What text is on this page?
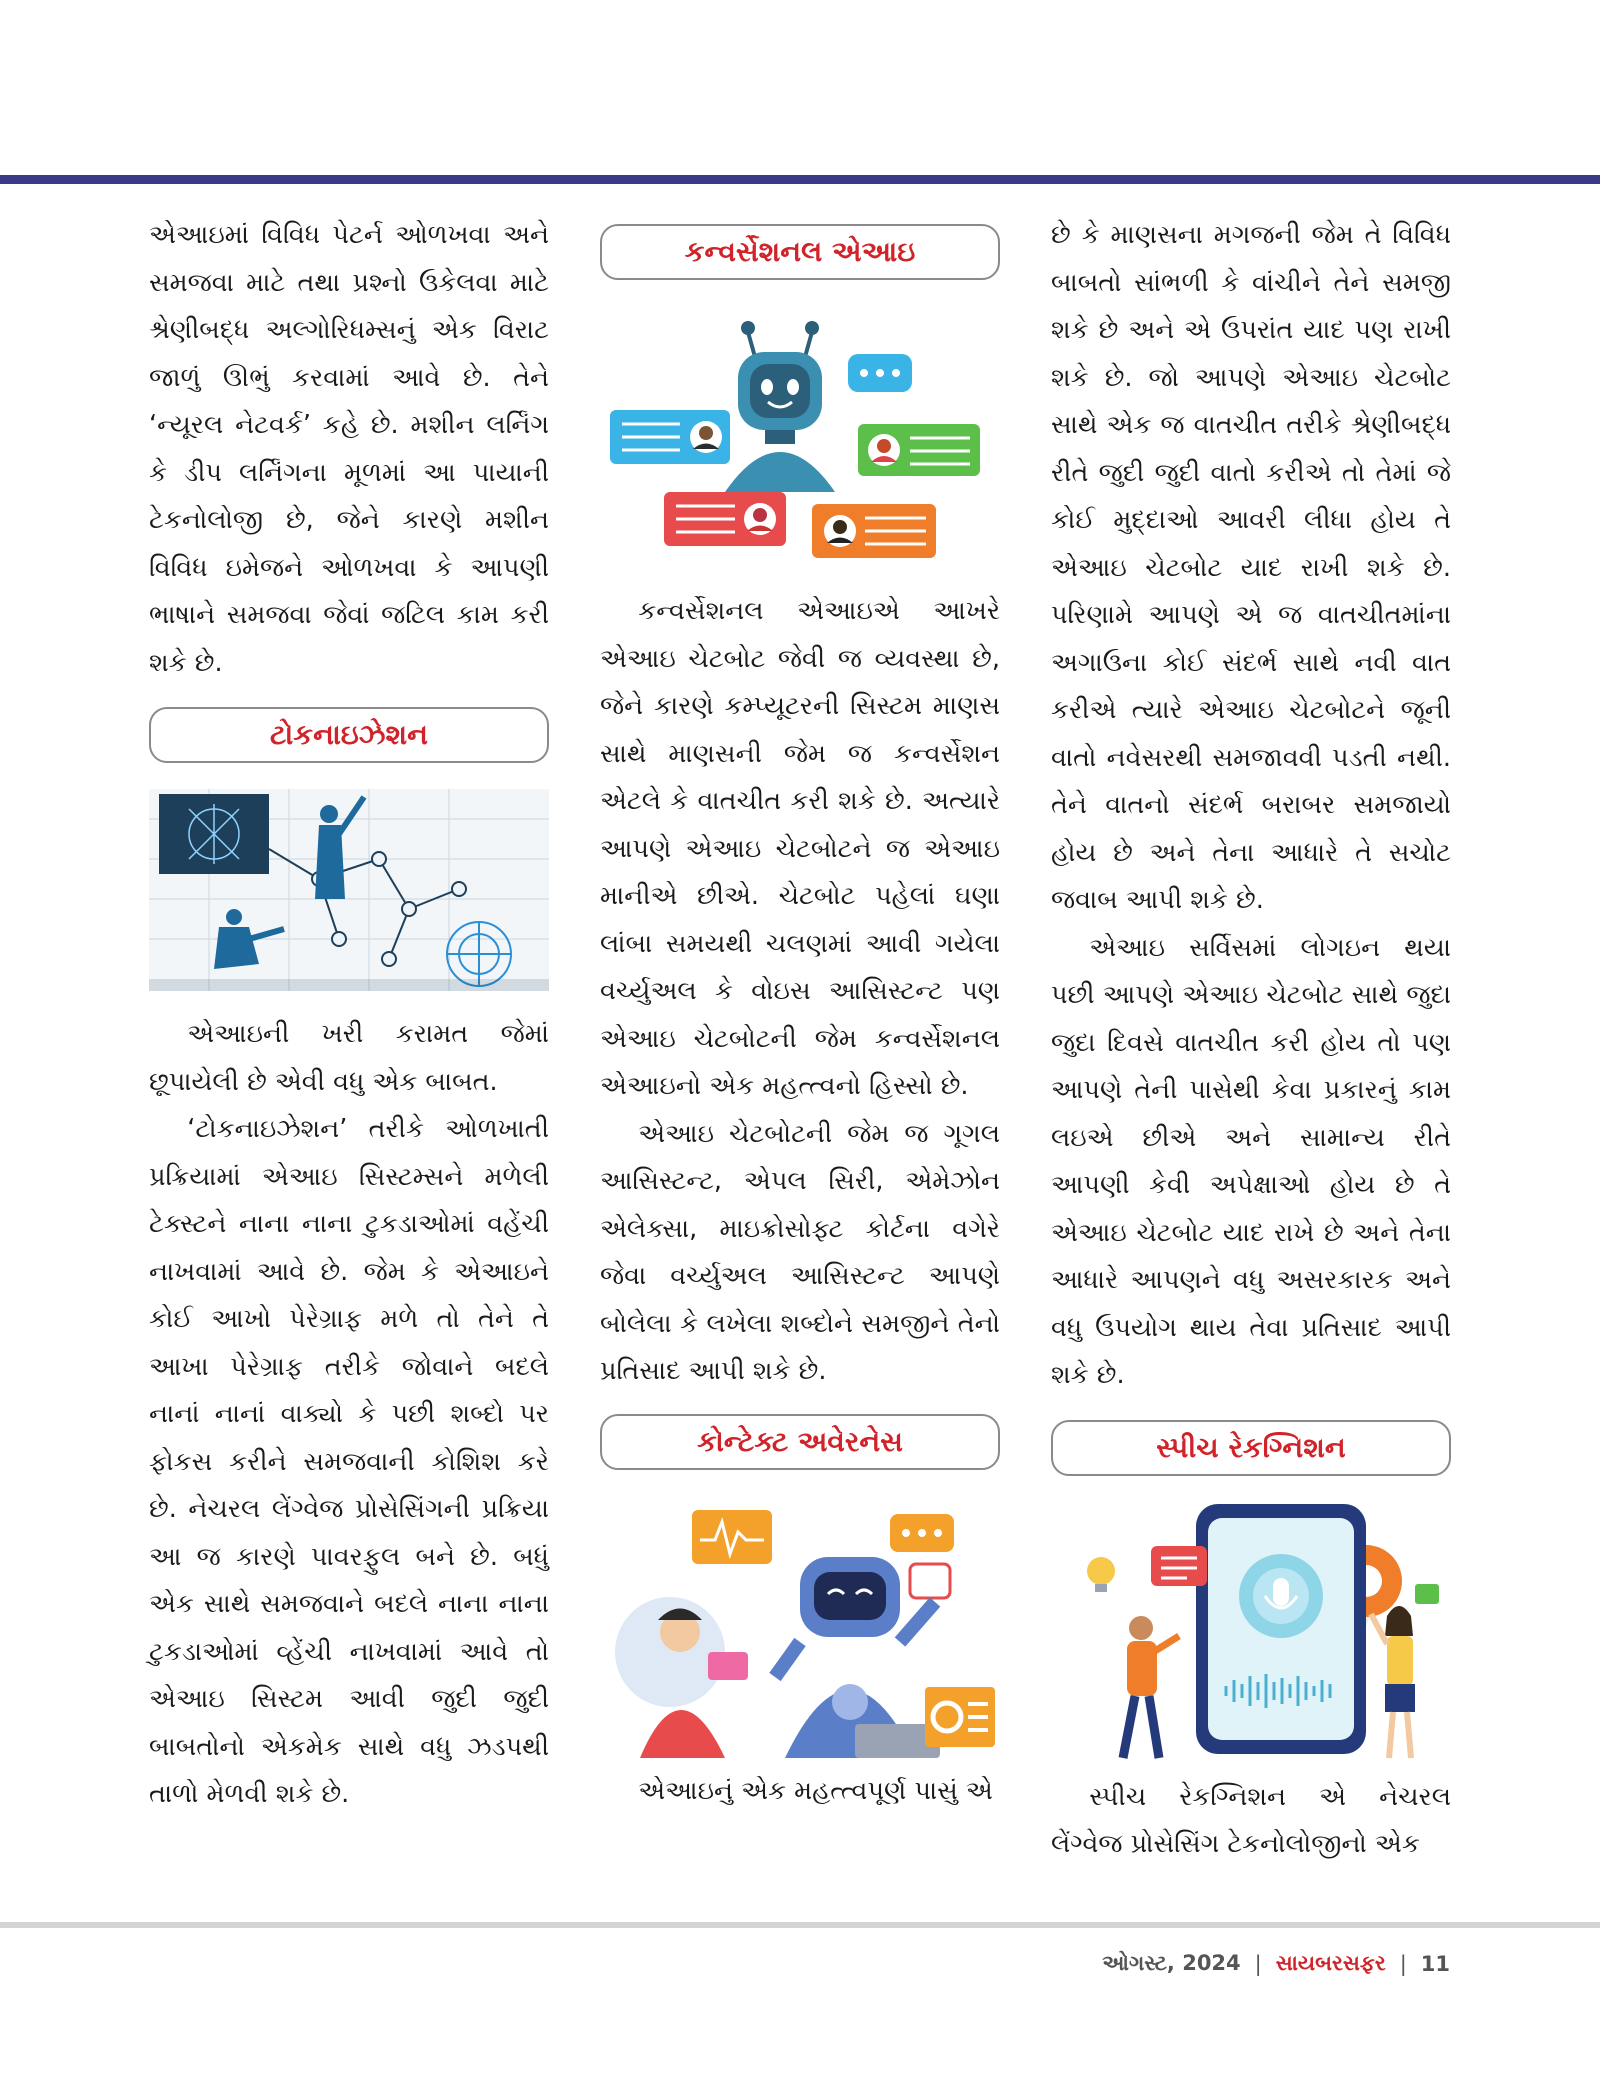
એઆઇમાં વિવિધ પેટર્ન ઓળખવા અને સમજવા માટે તથા પ્રશ્નો ઉકેલવા માટે શ્રેણીબદ્ધ અલ્ગોરિધમ્સનું એક વિરાટ જાળું ઊભું કરવામાં આવે છે. તેને ‘ન્યૂરલ નેટવર્ક’ કહે છે. મશીન લર્નિંગ કે ડીપ લર્નિંગના મૂળમાં આ પાયાની ટેકનોલોજી છે, જેને કારણે મશીન વિવિધ ઇમેજને ઓળખવા કે આપણી ભાષાને સમજવા જેવાં જટિલ કામ કરી શકે છે.

ટોકનાઇઝેશન

એઆઇની ખરી કરામત જેમાં છૂપાયેલી છે એવી વધુ એક બાબત.

‘ટોકનાઇઝેશન’ તરીકે ઓળખાતી પ્રક્રિયામાં એઆઇ સિસ્ટમ્સને મળેલી ટેક્સ્ટને નાના નાના ટુકડાઓમાં વહેંચી નાખવામાં આવે છે. જેમ કે એઆઇને કોઈ આખો પેરેગ્રાફ મળે તો તેને તે આખા પેરેગ્રાફ તરીકે જોવાને બદલે નાનાં નાનાં વાક્યો કે પછી શબ્દો પર ફોકસ કરીને સમજવાની કોશિશ કરે છે. નેચરલ લેંગ્વેજ પ્રોસેસિંગની પ્રક્રિયા આ જ કારણે પાવરફુલ બને છે. બધું એક સાથે સમજવાને બદલે નાના નાના ટુકડાઓમાં વ્હેંચી નાખવામાં આવે તો એઆઇ સિસ્ટમ આવી જુદી જુદી બાબતોનો એકમેક સાથે વધુ ઝડપથી તાળો મેળવી શકે છે.

કન્વર્સેશનલ એઆઇ

કન્વર્સેશનલ એઆઇએ આખરે એઆઇ ચેટબોટ જેવી જ વ્યવસ્થા છે, જેને કારણે કમ્પ્યૂટરની સિસ્ટમ માણસ સાથે માણસની જેમ જ કન્વર્સેશન એટલે કે વાતચીત કરી શકે છે. અત્યારે આપણે એઆઇ ચેટબોટને જ એઆઇ માનીએ છીએ. ચેટબોટ પહેલાં ઘણા લાંબા સમયથી ચલણમાં આવી ગયેલા વર્ચ્યુઅલ કે વોઇસ આસિસ્ટન્ટ પણ એઆઇ ચેટબોટની જેમ કન્વર્સેશનલ એઆઇનો એક મહત્ત્વનો હિસ્સો છે.

એઆઇ ચેટબોટની જેમ જ ગૂગલ આસિસ્ટન્ટ, એપલ સિરી, એમેઝોન એલેક્સા, માઇક્રોસોફ્ટ કોર્ટના વગેરે જેવા વર્ચ્યુઅલ આસિસ્ટન્ટ આપણે બોલેલા કે લખેલા શબ્દોને સમજીને તેનો પ્રતિસાદ આપી શકે છે.

કોન્ટેક્ટ અવેરનેસ

એઆઇનું એક મહત્ત્વપૂર્ણ પાસું એ

છે કે માણસના મગજની જેમ તે વિવિધ બાબતો સાંભળી કે વાંચીને તેને સમજી શકે છે અને એ ઉપરાંત યાદ પણ રાખી શકે છે. જો આપણે એઆઇ ચેટબોટ સાથે એક જ વાતચીત તરીકે શ્રેણીબદ્ધ રીતે જુદી જુદી વાતો કરીએ તો તેમાં જે કોઈ મુદ્દાઓ આવરી લીધા હોય તે એઆઇ ચેટબોટ યાદ રાખી શકે છે. પરિણામે આપણે એ જ વાતચીતમાંના અગાઉના કોઈ સંદર્ભ સાથે નવી વાત કરીએ ત્યારે એઆઇ ચેટબોટને જૂની વાતો નવેસરથી સમજાવવી પડતી નથી. તેને વાતનો સંદર્ભ બરાબર સમજાયો હોય છે અને તેના આધારે તે સચોટ જવાબ આપી શકે છે.

એઆઇ સર્વિસમાં લોગઇન થયા પછી આપણે એઆઇ ચેટબોટ સાથે જુદા જુદા દિવસે વાતચીત કરી હોય તો પણ આપણે તેની પાસેથી કેવા પ્રકારનું કામ લઇએ છીએ અને સામાન્ય રીતે આપણી કેવી અપેક્ષાઓ હોય છે તે એઆઇ ચેટબોટ યાદ રાખે છે અને તેના આધારે આપણને વધુ અસરકારક અને વધુ ઉપયોગ થાય તેવા પ્રતિસાદ આપી શકે છે.

સ્પીચ રેકગ્નિશન

સ્પીચ રેકગ્નિશન એ નેચરલ લેંગ્વેજ પ્રોસેસિંગ ટેકનોલોજીનો એક

ઓગસ્ટ, 2024 | સાયબરસફર | 11
